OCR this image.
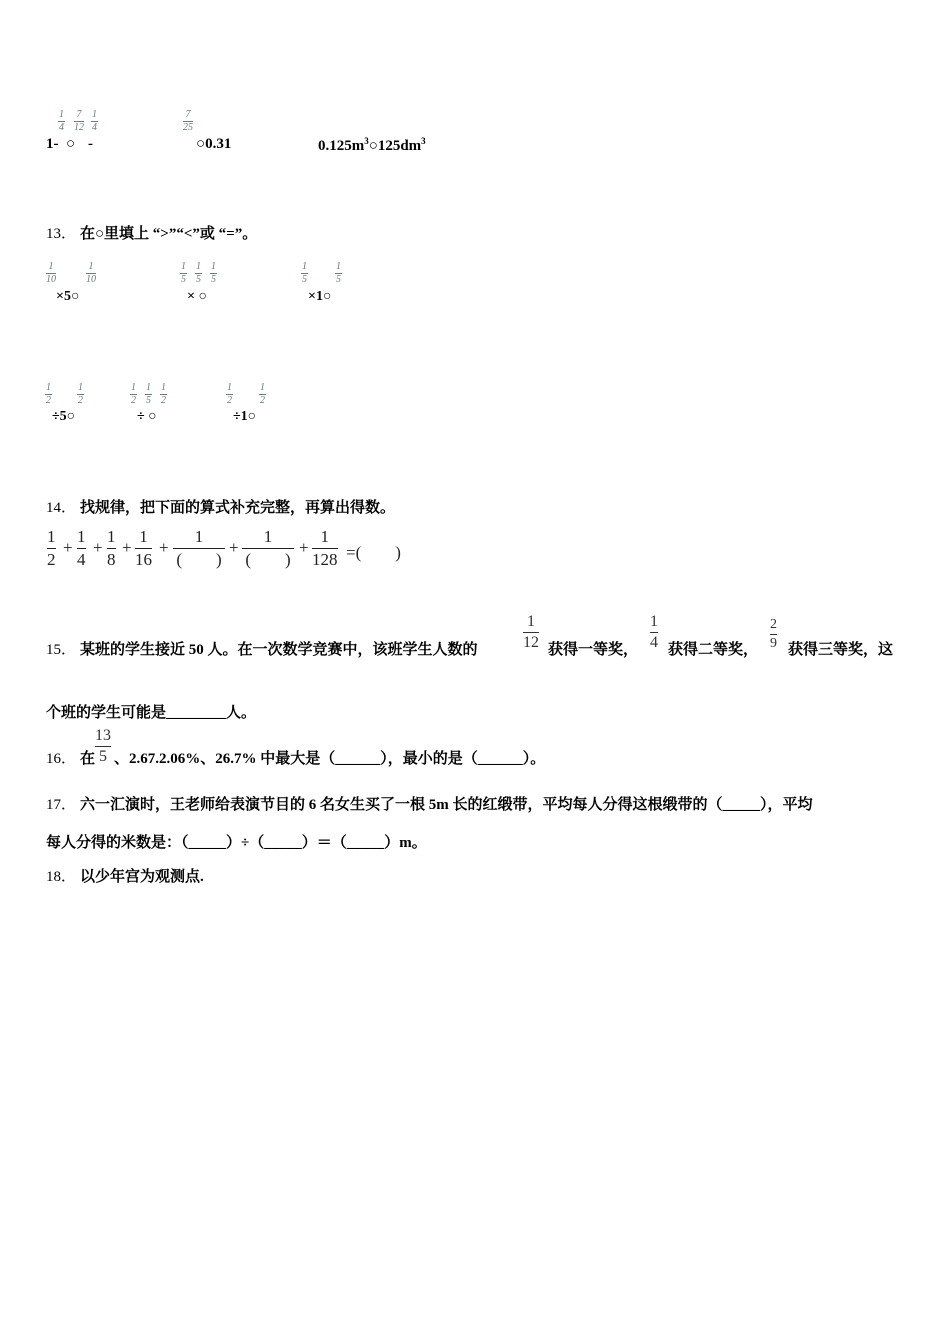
1-
1
4
○
7
12
-
1
4
7
25
○0.31	$0.125m^3○125dm^3$
13． 在○里填上 “>”“<”或 “=”。
1
10
×5○
1
10
1
5
1
5
1
5
× ○
1
5
×1○
1
5
1
2
÷5○
1
2
1
2
1
5
1
2
÷ ○
1
2
÷1○
1
2
14． 找规律，把下面的算式补充完整，再算出得数。
1
2
+
1
4
+
1
8
+
1
16
+
1
(　　)
+
1
(　　)
+
1
128 =(　　)
15． 某班的学生接近 50 人。在一次数学竞赛中，该班学生人数的
1
12 获得一等奖，
1
4 获得二等奖，
2
9 获得三等奖，这
个班的学生可能是________人。
16． 在
13
5 、2.67.2.06%、26.7% 中最大是（______），最小的是（______）。
17． 六一汇演时，王老师给表演节目的 6 名女生买了一根 5m 长的红缎带，平均每人分得这根缎带的（_____），平均
每人分得的米数是：（_____）÷（_____）＝（_____）m。
18． 以少年宫为观测点.
